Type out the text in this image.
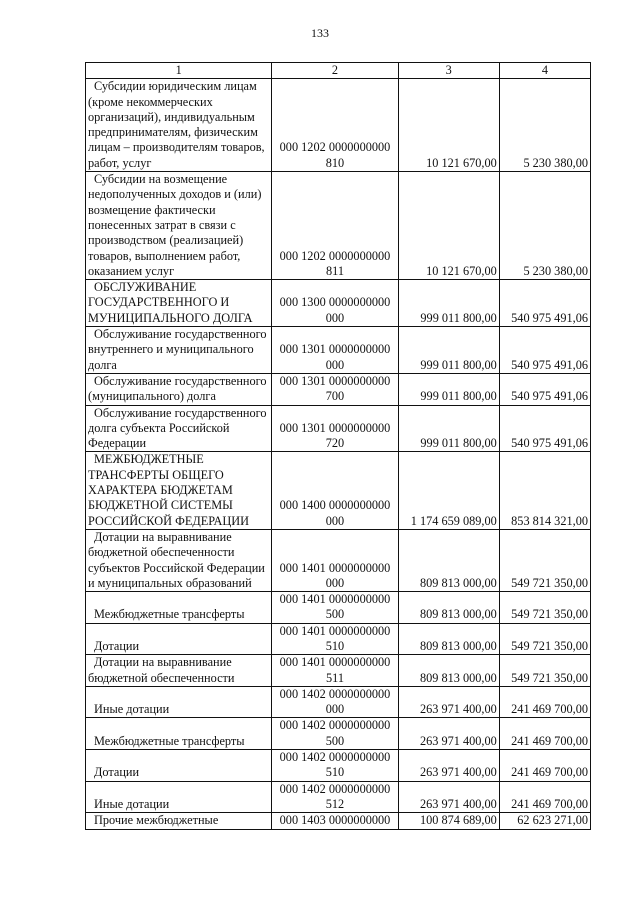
133
1	2	3	4
Субсидии юридическим лицам (кроме некоммерческих организаций), индивидуальным предпринимателям, физическим лицам – производителям товаров, работ, услуг	000 1202 0000000000 810	10 121 670,00	5 230 380,00
Субсидии на возмещение недополученных доходов и (или) возмещение фактически понесенных затрат в связи с производством (реализацией) товаров, выполнением работ, оказанием услуг	000 1202 0000000000 811	10 121 670,00	5 230 380,00
ОБСЛУЖИВАНИЕ ГОСУДАРСТВЕННОГО И МУНИЦИПАЛЬНОГО ДОЛГА	000 1300 0000000000 000	999 011 800,00	540 975 491,06
Обслуживание государственного внутреннего и муниципального долга	000 1301 0000000000 000	999 011 800,00	540 975 491,06
Обслуживание государственного (муниципального) долга	000 1301 0000000000 700	999 011 800,00	540 975 491,06
Обслуживание государственного долга субъекта Российской Федерации	000 1301 0000000000 720	999 011 800,00	540 975 491,06
МЕЖБЮДЖЕТНЫЕ ТРАНСФЕРТЫ ОБЩЕГО ХАРАКТЕРА БЮДЖЕТАМ БЮДЖЕТНОЙ СИСТЕМЫ РОССИЙСКОЙ ФЕДЕРАЦИИ	000 1400 0000000000 000	1 174 659 089,00	853 814 321,00
Дотации на выравнивание бюджетной обеспеченности субъектов Российской Федерации и муниципальных образований	000 1401 0000000000 000	809 813 000,00	549 721 350,00
Межбюджетные трансферты	000 1401 0000000000 500	809 813 000,00	549 721 350,00
Дотации	000 1401 0000000000 510	809 813 000,00	549 721 350,00
Дотации на выравнивание бюджетной обеспеченности	000 1401 0000000000 511	809 813 000,00	549 721 350,00
Иные дотации	000 1402 0000000000 000	263 971 400,00	241 469 700,00
Межбюджетные трансферты	000 1402 0000000000 500	263 971 400,00	241 469 700,00
Дотации	000 1402 0000000000 510	263 971 400,00	241 469 700,00
Иные дотации	000 1402 0000000000 512	263 971 400,00	241 469 700,00
Прочие межбюджетные	000 1403 0000000000	100 874 689,00	62 623 271,00
